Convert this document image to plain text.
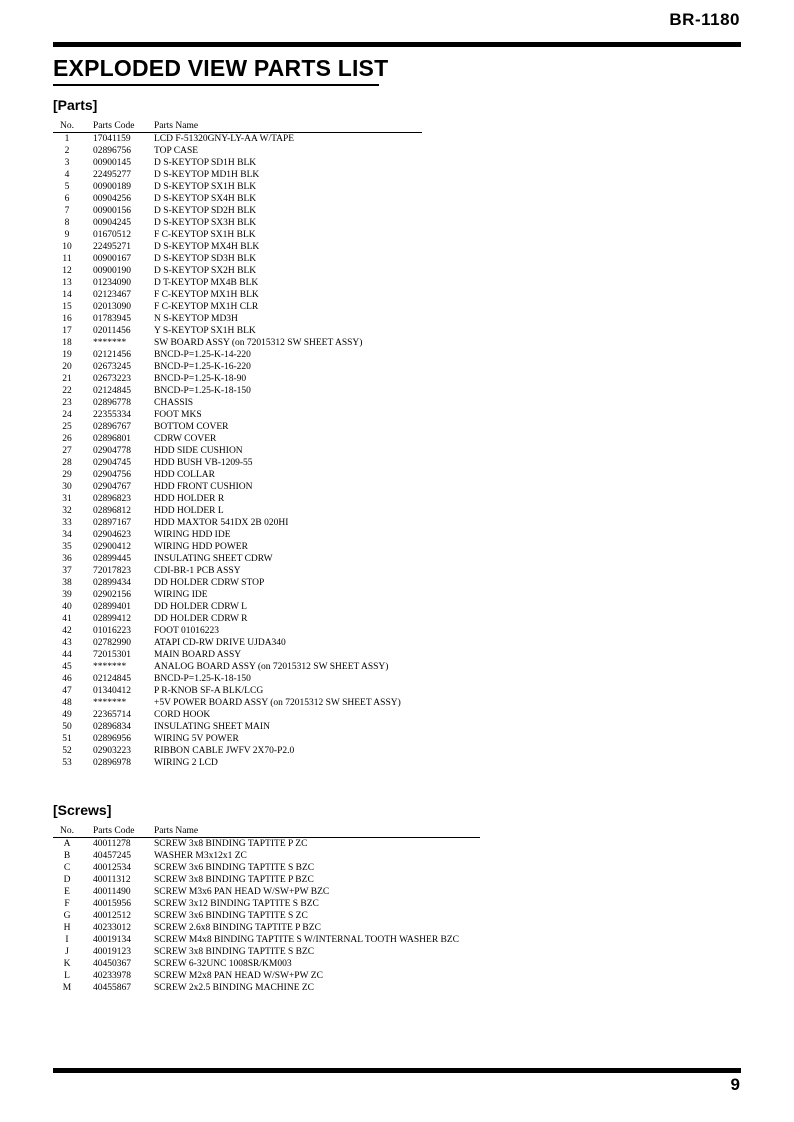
BR-1180
EXPLODED VIEW PARTS LIST
[Parts]
No.	Parts Code Parts Name
1	17041159 LCD F-51320GNY-LY-AA W/TAPE
2	02896756 TOP CASE
3	00900145 D S-KEYTOP SD1H BLK
4	22495277 D S-KEYTOP MD1H BLK
5	00900189 D S-KEYTOP SX1H BLK
6	00904256 D S-KEYTOP SX4H BLK
7	00900156 D S-KEYTOP SD2H BLK
8	00904245 D S-KEYTOP SX3H BLK
9	01670512 F C-KEYTOP SX1H BLK
10	22495271 D S-KEYTOP MX4H BLK
11	00900167 D S-KEYTOP SD3H BLK
12	00900190 D S-KEYTOP SX2H BLK
13	01234090 D T-KEYTOP MX4B BLK
14	02123467 F C-KEYTOP MX1H BLK
15	02013090 F C-KEYTOP MX1H CLR
16	01783945 N S-KEYTOP MD3H
17	02011456 Y S-KEYTOP SX1H BLK
18	*******	SW BOARD ASSY (on 72015312 SW SHEET ASSY)
19	02121456 BNCD-P=1.25-K-14-220
20	02673245 BNCD-P=1.25-K-16-220
21	02673223 BNCD-P=1.25-K-18-90
22	02124845 BNCD-P=1.25-K-18-150
23	02896778 CHASSIS
24	22355334 FOOT MKS
25	02896767 BOTTOM COVER
26	02896801 CDRW COVER
27	02904778 HDD SIDE CUSHION
28	02904745 HDD BUSH VB-1209-55
29	02904756 HDD COLLAR
30	02904767 HDD FRONT CUSHION
31	02896823 HDD HOLDER R
32	02896812 HDD HOLDER L
33	02897167 HDD MAXTOR 541DX 2B 020HI
34	02904623 WIRING HDD IDE
35	02900412 WIRING HDD POWER
36	02899445 INSULATING SHEET CDRW
37	72017823 CDI-BR-1 PCB ASSY
38	02899434 DD HOLDER CDRW STOP
39	02902156 WIRING IDE
40	02899401 DD HOLDER CDRW L
41	02899412 DD HOLDER CDRW R
42	01016223 FOOT 01016223
43	02782990 ATAPI CD-RW DRIVE UJDA340
44	72015301 MAIN BOARD ASSY
45	*******	ANALOG BOARD ASSY (on 72015312 SW SHEET ASSY)
46	02124845 BNCD-P=1.25-K-18-150
47	01340412 P R-KNOB SF-A BLK/LCG
48	*******	+5V POWER BOARD ASSY (on 72015312 SW SHEET ASSY)
49	22365714 CORD HOOK
50	02896834 INSULATING SHEET MAIN
51	02896956 WIRING 5V POWER
52	02903223 RIBBON CABLE JWFV 2X70-P2.0
53	02896978 WIRING 2 LCD
[Screws]
No.	Parts Code Parts Name
A	40011278 SCREW 3x8 BINDING TAPTITE P ZC
B	40457245 WASHER M3x12x1 ZC
C	40012534 SCREW 3x6 BINDING TAPTITE S BZC
D	40011312 SCREW 3x8 BINDING TAPTITE P BZC
E	40011490 SCREW M3x6 PAN HEAD W/SW+PW BZC
F	40015956 SCREW 3x12 BINDING TAPTITE S BZC
G	40012512 SCREW 3x6 BINDING TAPTITE S ZC
H	40233012 SCREW 2.6x8 BINDING TAPTITE P BZC
I	40019134 SCREW M4x8 BINDING TAPTITE S W/INTERNAL TOOTH WASHER BZC
J	40019123 SCREW 3x8 BINDING TAPTITE S BZC
K	40450367 SCREW 6-32UNC 1008SR/KM003
L	40233978 SCREW M2x8 PAN HEAD W/SW+PW ZC
M	40455867 SCREW 2x2.5 BINDING MACHINE ZC
9
